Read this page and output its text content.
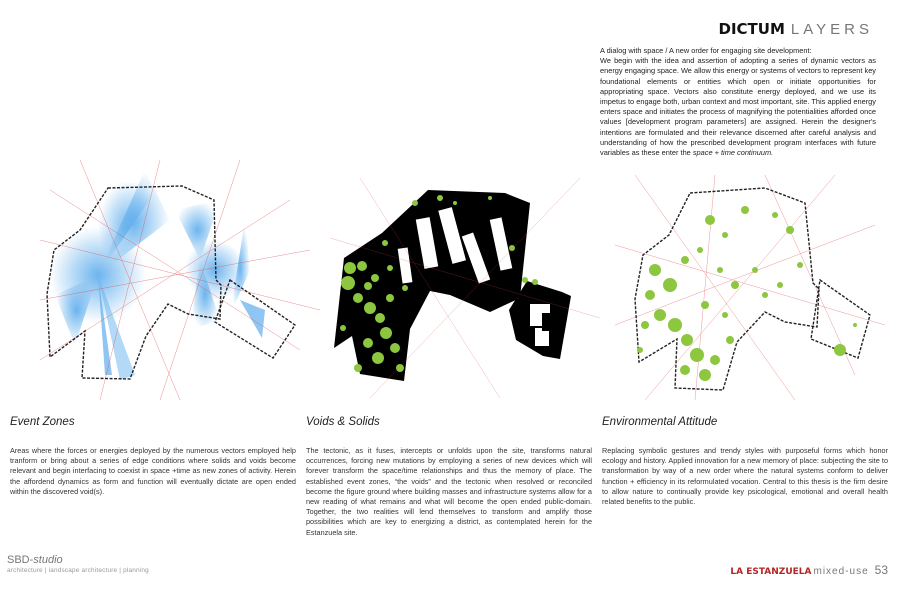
DICTUM LAYERS

A dialog with space / A new order for engaging site development:

We begin with the idea and assertion of adopting a series of dynamic vectors as energy engaging space. We allow this energy or systems of vectors to represent key foundational elements or entities which open or initiate opportunities for appropriating space. Vectors also constitute energy deployed, and we use its impetus to engage both, urban context and most important, site. This applied energy enters space and initiates the process of magnifying the potentialities afforded once values [development program parameters] are assigned. Herein the designer's intentions are formulated and their relevance discerned after careful analysis and understanding of how the prescribed development program interfaces with future variables as these enter the space + time continuum.

Event Zones

Areas where the forces or energies deployed by the numerous vectors employed help tranform or bring about a series of edge conditions where solids and voids become relevant and begin interfacing to coexist in space +time as new zones of activity. Herein the affordend dynamics as form and function will eventually dictate are open ended within the discovered void(s).

Voids & Solids

The tectonic, as it fuses, intercepts or unfolds upon the site, transforms natural occurrences, forcing new mutations by employing a series of new devices which will forever transform the space/time relationships and thus the memory of place. The established event zones, “the voids” and the tectonic when resolved or reconciled become the figure ground where building masses and infrastructure systems allow for a new reading of what remains and what will become the open ended public-domain. Together, the two realities will lend themselves to transform and amplify those possibilities which are key to energizing a district, as contemplated herein for the Estanzuela site.

Environmental Attitude

Replacing symbolic gestures and trendy styles with purposeful forms which honor ecology and history. Applied innovation for a new memory of place: subjecting the site to transformation by way of a new order where the natural systems conform to deliver function + efficiency in its reformulated vocation. Central to this thesis is the firm desire to allow nature to continually provide key psicological, emotional and overall health related benefits to the public.

SBD-studio
architecture | landscape architecture | planning	LA ESTANZUELA mixed-use 53
